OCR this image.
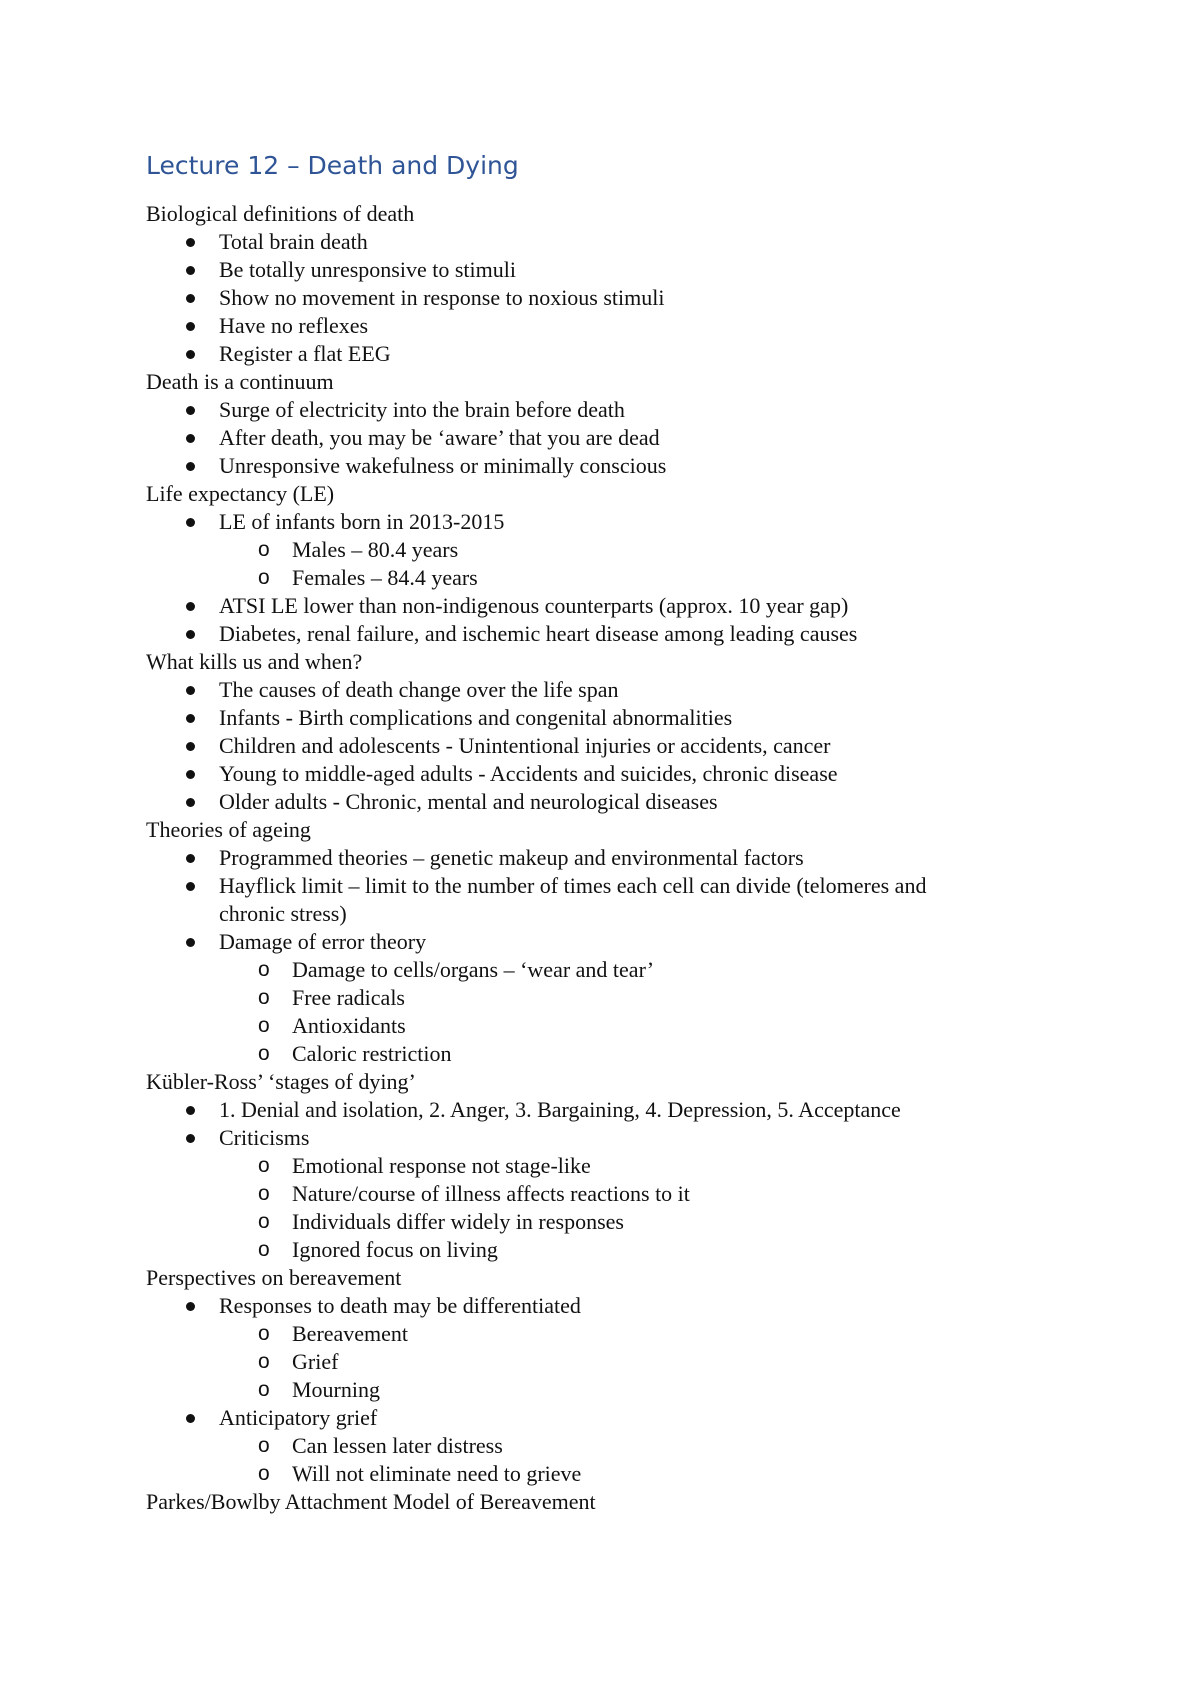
Lecture 12 – Death and Dying
Biological definitions of death
Total brain death
Be totally unresponsive to stimuli
Show no movement in response to noxious stimuli
Have no reflexes
Register a flat EEG
Death is a continuum
Surge of electricity into the brain before death
After death, you may be ‘aware’ that you are dead
Unresponsive wakefulness or minimally conscious
Life expectancy (LE)
LE of infants born in 2013-2015
o Males – 80.4 years
o Females – 84.4 years
ATSI LE lower than non-indigenous counterparts (approx. 10 year gap)
Diabetes, renal failure, and ischemic heart disease among leading causes
What kills us and when?
The causes of death change over the life span
Infants - Birth complications and congenital abnormalities
Children and adolescents - Unintentional injuries or accidents, cancer
Young to middle-aged adults - Accidents and suicides, chronic disease
Older adults - Chronic, mental and neurological diseases
Theories of ageing
Programmed theories – genetic makeup and environmental factors
Hayflick limit – limit to the number of times each cell can divide (telomeres and
chronic stress)
Damage of error theory
o Damage to cells/organs – ‘wear and tear’
o Free radicals
o Antioxidants
o Caloric restriction
Kübler-Ross’ ‘stages of dying’
1. Denial and isolation, 2. Anger, 3. Bargaining, 4. Depression, 5. Acceptance
Criticisms
o Emotional response not stage-like
o Nature/course of illness affects reactions to it
o Individuals differ widely in responses
o Ignored focus on living
Perspectives on bereavement
Responses to death may be differentiated
o Bereavement
o Grief
o Mourning
Anticipatory grief
o Can lessen later distress
o Will not eliminate need to grieve
Parkes/Bowlby Attachment Model of Bereavement
